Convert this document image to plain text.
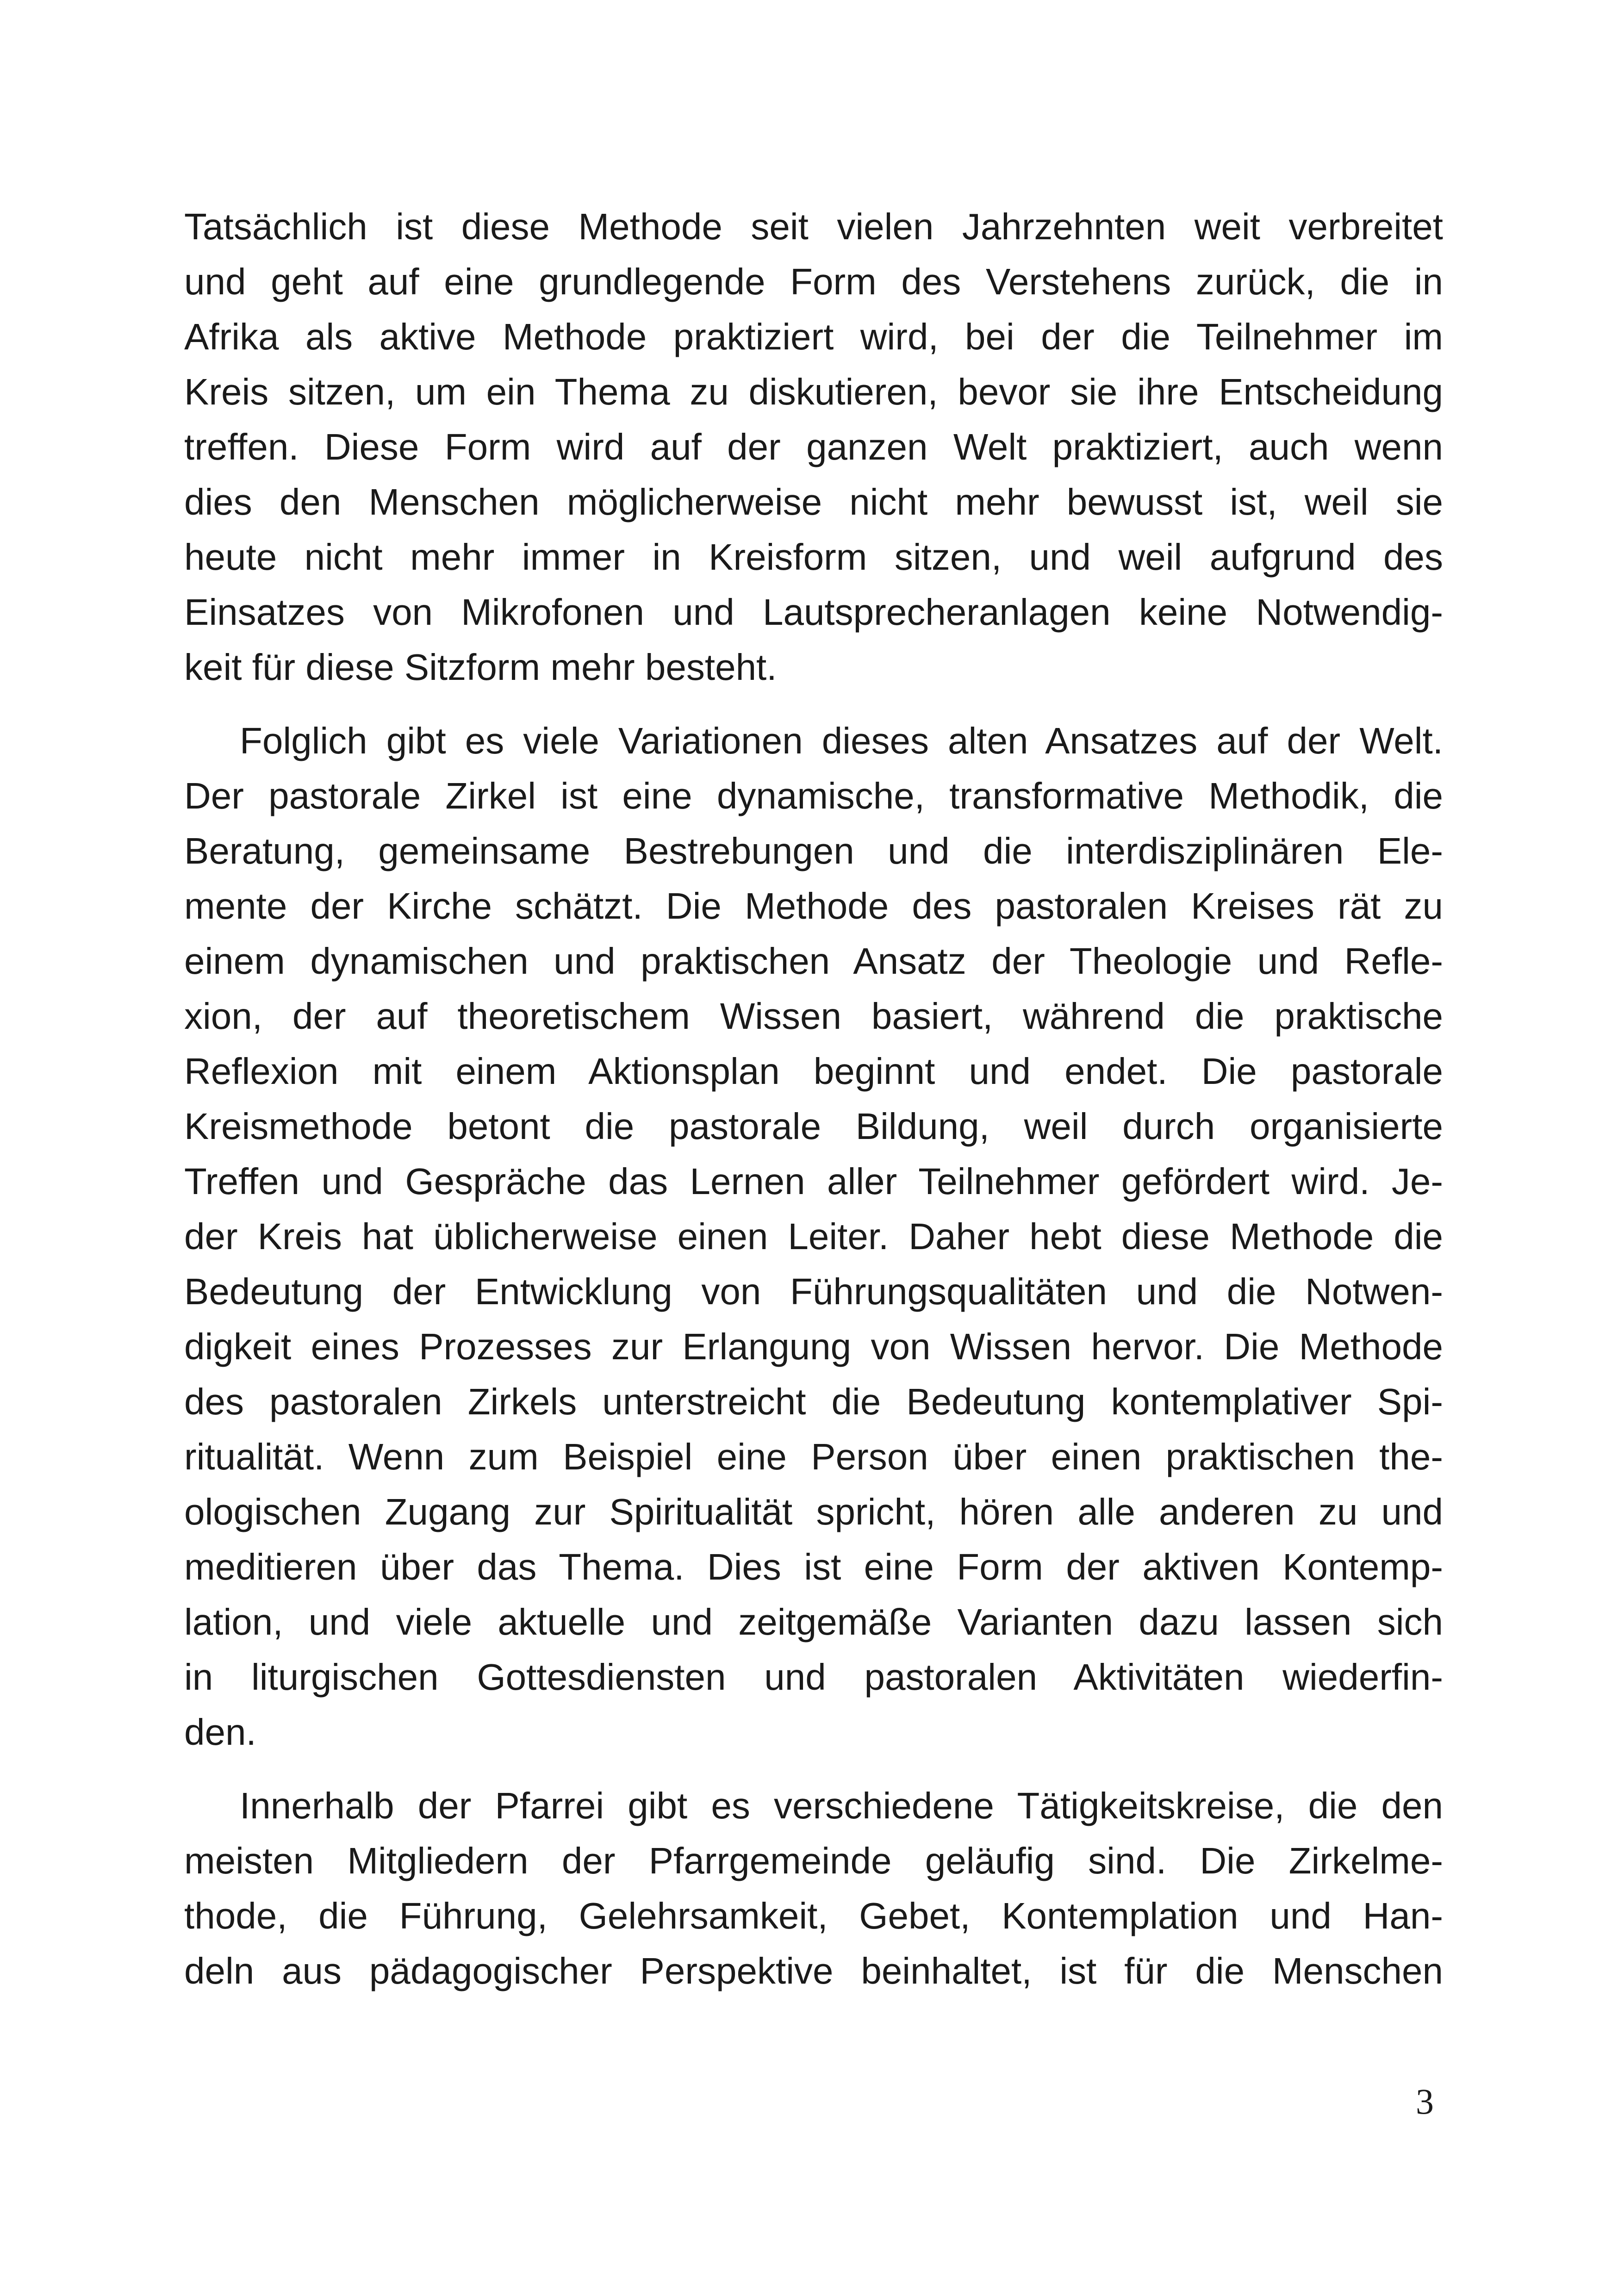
Tatsächlich ist diese Methode seit vielen Jahrzehnten weit verbreitet
und geht auf eine grundlegende Form des Verstehens zurück, die in
Afrika als aktive Methode praktiziert wird, bei der die Teilnehmer im
Kreis sitzen, um ein Thema zu diskutieren, bevor sie ihre Entscheidung
treffen. Diese Form wird auf der ganzen Welt praktiziert, auch wenn
dies den Menschen möglicherweise nicht mehr bewusst ist, weil sie
heute nicht mehr immer in Kreisform sitzen, und weil aufgrund des
Einsatzes von Mikrofonen und Lautsprecheranlagen keine Notwendig-
keit für diese Sitzform mehr besteht.
Folglich gibt es viele Variationen dieses alten Ansatzes auf der Welt.
Der pastorale Zirkel ist eine dynamische, transformative Methodik, die
Beratung, gemeinsame Bestrebungen und die interdisziplinären Ele-
mente der Kirche schätzt. Die Methode des pastoralen Kreises rät zu
einem dynamischen und praktischen Ansatz der Theologie und Refle-
xion, der auf theoretischem Wissen basiert, während die praktische
Reflexion mit einem Aktionsplan beginnt und endet. Die pastorale
Kreismethode betont die pastorale Bildung, weil durch organisierte
Treffen und Gespräche das Lernen aller Teilnehmer gefördert wird. Je-
der Kreis hat üblicherweise einen Leiter. Daher hebt diese Methode die
Bedeutung der Entwicklung von Führungsqualitäten und die Notwen-
digkeit eines Prozesses zur Erlangung von Wissen hervor. Die Methode
des pastoralen Zirkels unterstreicht die Bedeutung kontemplativer Spi-
ritualität. Wenn zum Beispiel eine Person über einen praktischen the-
ologischen Zugang zur Spiritualität spricht, hören alle anderen zu und
meditieren über das Thema. Dies ist eine Form der aktiven Kontemp-
lation, und viele aktuelle und zeitgemäße Varianten dazu lassen sich
in liturgischen Gottesdiensten und pastoralen Aktivitäten wiederfin-
den.
Innerhalb der Pfarrei gibt es verschiedene Tätigkeitskreise, die den
meisten Mitgliedern der Pfarrgemeinde geläufig sind. Die Zirkelme-
thode, die Führung, Gelehrsamkeit, Gebet, Kontemplation und Han-
deln aus pädagogischer Perspektive beinhaltet, ist für die Menschen
3
